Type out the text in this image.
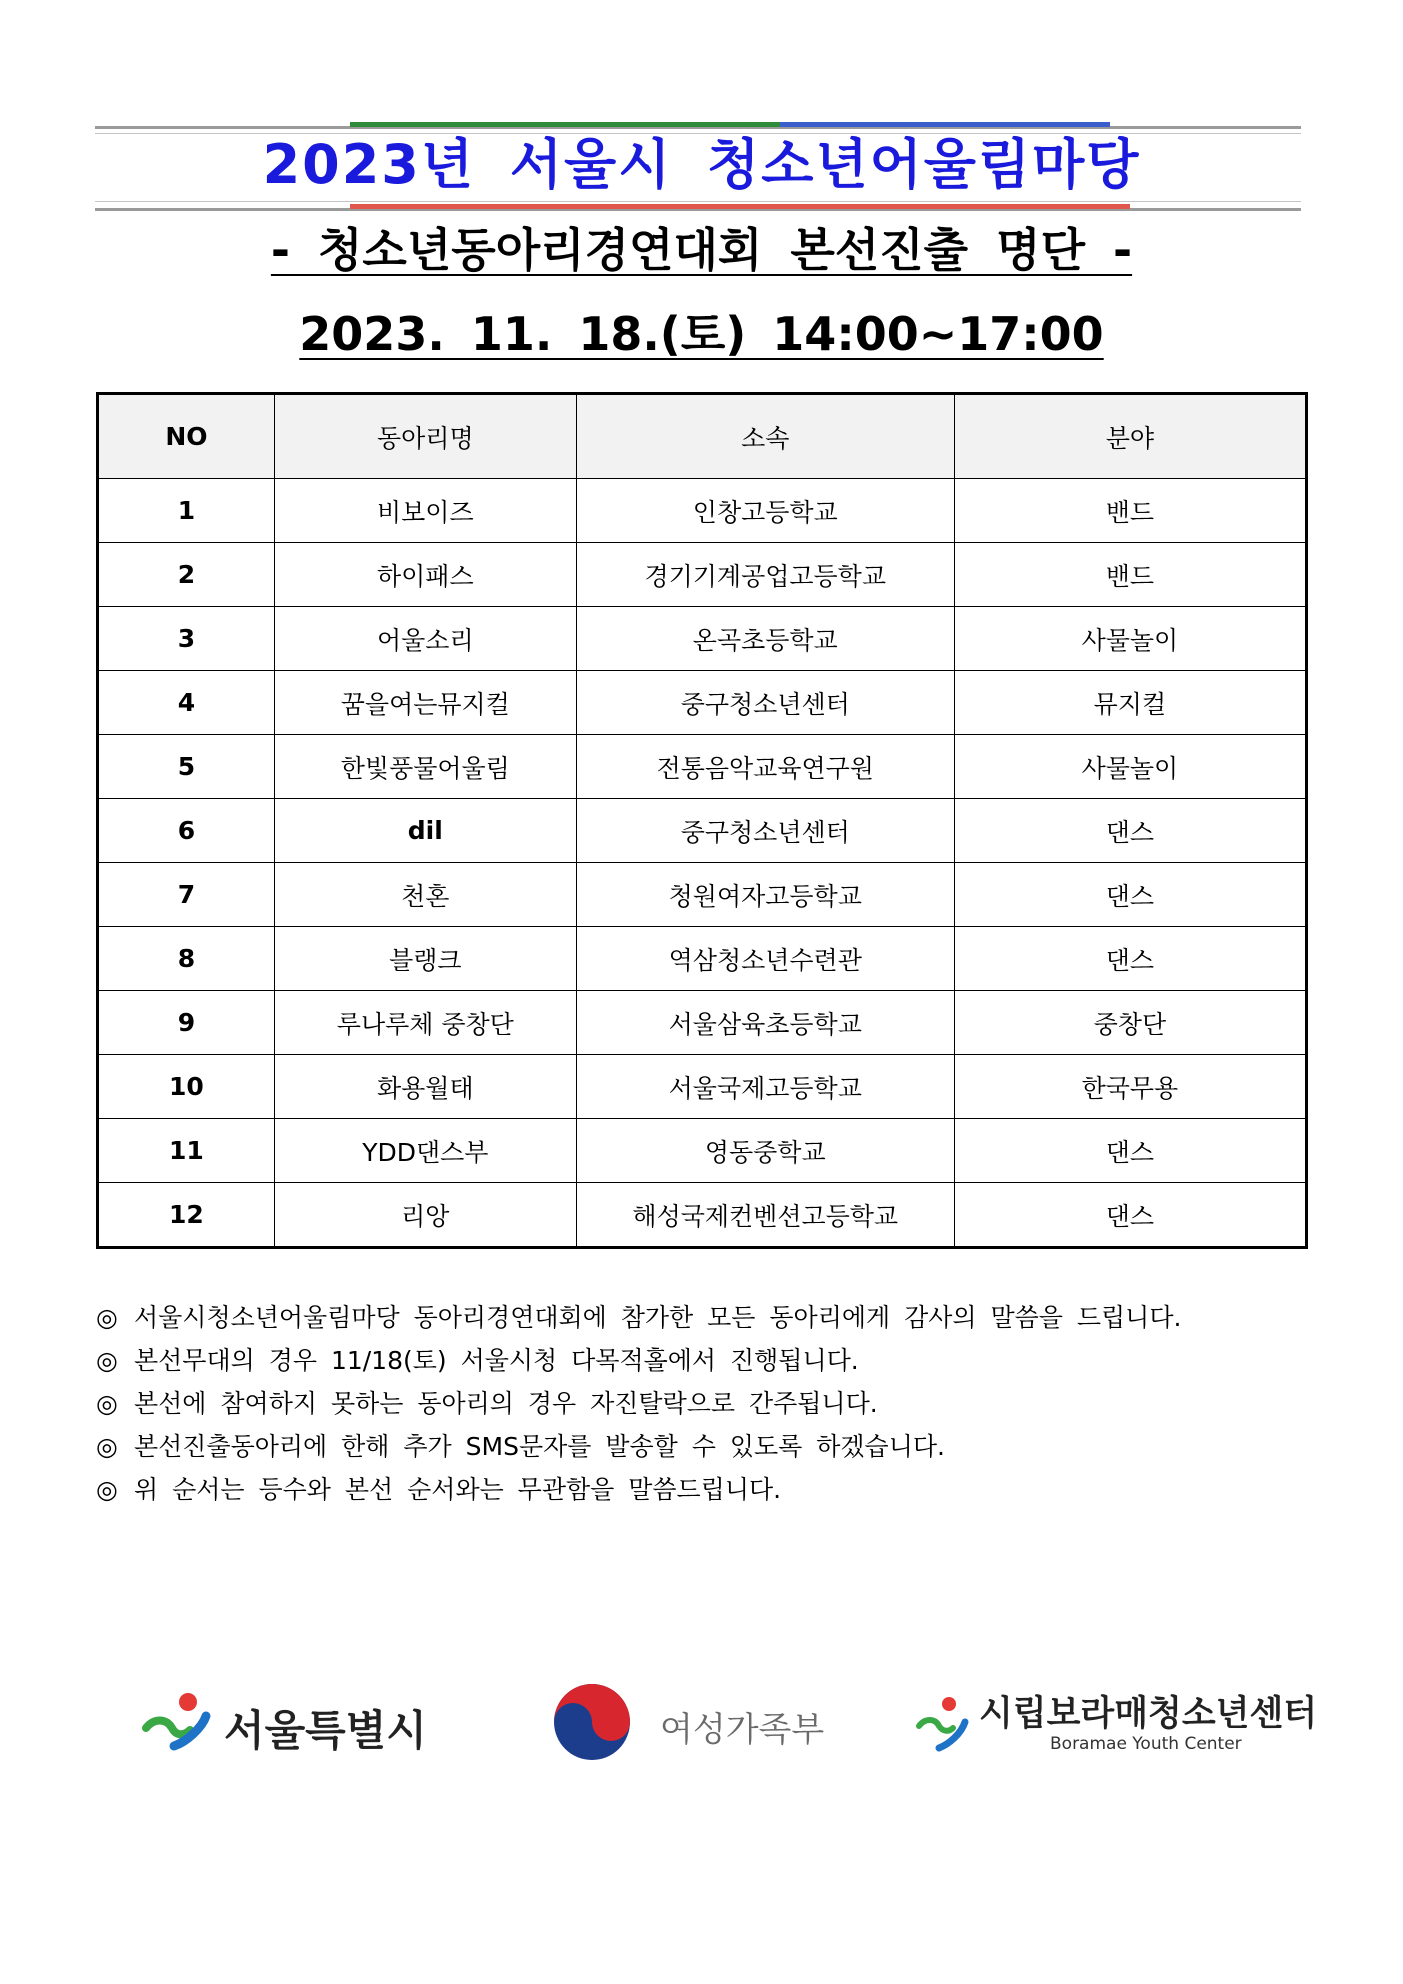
2023년 서울시 청소년어울림마당
- 청소년동아리경연대회 본선진출 명단 -
2023. 11. 18.(토) 14:00~17:00
NO	동아리명	소속	분야
1	비보이즈	인창고등학교	밴드
2	하이패스	경기기계공업고등학교	밴드
3	어울소리	온곡초등학교	사물놀이
4	꿈을여는뮤지컬	중구청소년센터	뮤지컬
5	한빛풍물어울림	전통음악교육연구원	사물놀이
6	dil	중구청소년센터	댄스
7	천혼	청원여자고등학교	댄스
8	블랭크	역삼청소년수련관	댄스
9	루나루체 중창단	서울삼육초등학교	중창단
10	화용월태	서울국제고등학교	한국무용
11	YDD댄스부	영동중학교	댄스
12	리앙	해성국제컨벤션고등학교	댄스
◎ 서울시청소년어울림마당 동아리경연대회에 참가한 모든 동아리에게 감사의 말씀을 드립니다.
◎ 본선무대의 경우 11/18(토) 서울시청 다목적홀에서 진행됩니다.
◎ 본선에 참여하지 못하는 동아리의 경우 자진탈락으로 간주됩니다.
◎ 본선진출동아리에 한해 추가 SMS문자를 발송할 수 있도록 하겠습니다.
◎ 위 순서는 등수와 본선 순서와는 무관함을 말씀드립니다.
서울특별시	여성가족부	시립보라매청소년센터
Boramae Youth Center
